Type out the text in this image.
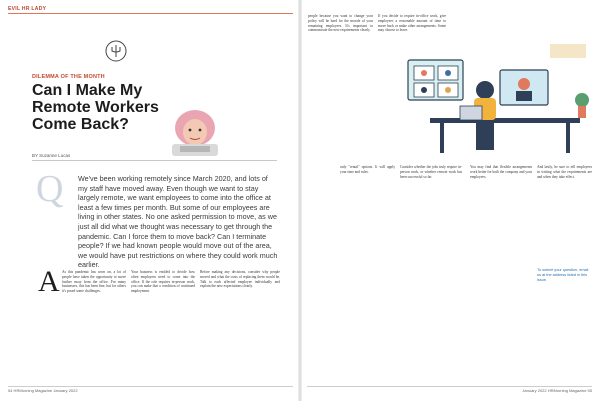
EVIL HR LADY
DILEMMA OF THE MONTH
Can I Make My Remote Workers Come Back?
BY Suzanne Lucas
Q We've been working remotely since March 2020, and lots of my staff have moved away. Even though we want to stay largely remote, we want employees to come into the office at least a few times per month. But some of our employees are living in other states. No one asked permission to move, as we just all did what we thought was necessary to get through the pandemic. Can I force them to move back? Can I terminate people? If we had known people would move out of the area, we would have put restrictions on where they could work much earlier.
A As this pandemic has worn on, a lot of people have taken the opportunity to move further away from the office. For many businesses, this has been fine, but for others it's posed some challenges.
Your business is entitled to decide how often employees need to come into the office. If the role requires in-person work, you can make that a condition of continued employment.
Before making any decisions, consider why people moved and what the costs of replacing them would be. Talk to each affected employee individually and explain the new expectations clearly.
54 HRMorning Magazine January 2022
people because you want to change your policy will be hard for the morale of your remaining employees. It's important to communicate the new requirements clearly.
If you decide to require in-office work, give employees a reasonable amount of time to move back or make other arrangements. Some may choose to leave.
only "rental" options. It will apply your time and rules.
Consider whether the jobs truly require in-person work, or whether remote work has been successful so far.
You may find that flexible arrangements work better for both the company and your employees.
And lastly, be sure to tell employees in writing what the requirements are and when they take effect.
To submit your question, email us at the address listed in this issue.
January 2022 HRMorning Magazine 55
